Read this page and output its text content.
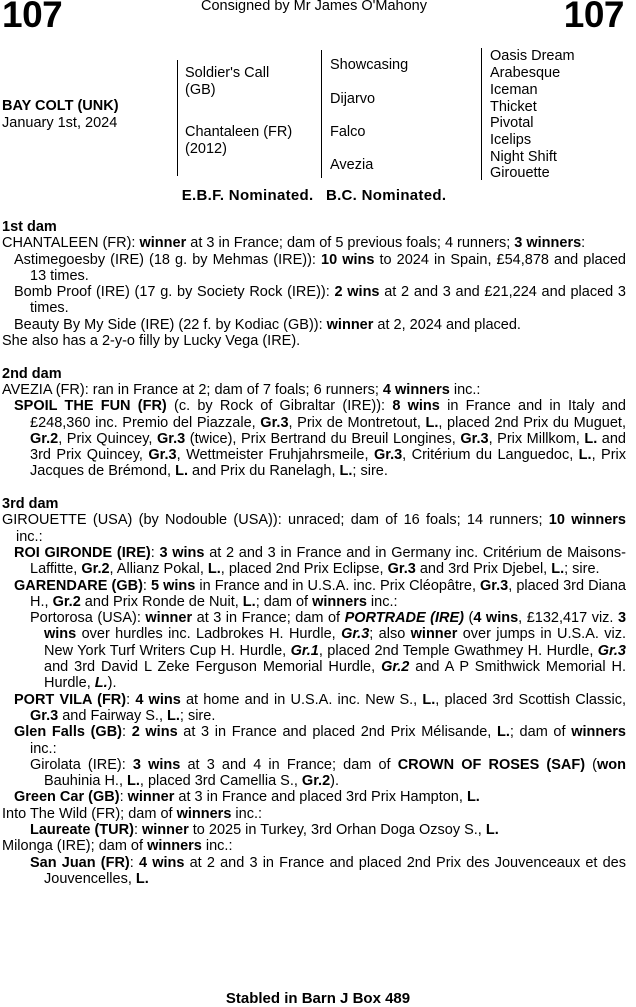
107	Consigned by Mr James O'Mahony	107
BAY COLT (UNK)
January 1st, 2024
Soldier's Call
(GB)
Chantaleen (FR)
(2012)
Showcasing
Dijarvo
Falco
Avezia
Oasis Dream
Arabesque
Iceman
Thicket
Pivotal
Icelips
Night Shift
Girouette
E.B.F. Nominated. B.C. Nominated.
1st dam
CHANTALEEN (FR): winner at 3 in France; dam of 5 previous foals; 4 runners; 3 winners:
Astimegoesby (IRE) (18 g. by Mehmas (IRE)): 10 wins to 2024 in Spain, £54,878 and placed 13 times.
Bomb Proof (IRE) (17 g. by Society Rock (IRE)): 2 wins at 2 and 3 and £21,224 and placed 3 times.
Beauty By My Side (IRE) (22 f. by Kodiac (GB)): winner at 2, 2024 and placed.
She also has a 2-y-o filly by Lucky Vega (IRE).
2nd dam
AVEZIA (FR): ran in France at 2; dam of 7 foals; 6 runners; 4 winners inc.:
SPOIL THE FUN (FR) (c. by Rock of Gibraltar (IRE)): 8 wins in France and in Italy and £248,360 inc. Premio del Piazzale, Gr.3, Prix de Montretout, L., placed 2nd Prix du Muguet, Gr.2, Prix Quincey, Gr.3 (twice), Prix Bertrand du Breuil Longines, Gr.3, Prix Millkom, L. and 3rd Prix Quincey, Gr.3, Wettmeister Fruhjahrsmeile, Gr.3, Critérium du Languedoc, L., Prix Jacques de Brémond, L. and Prix du Ranelagh, L.; sire.
3rd dam
GIROUETTE (USA) (by Nodouble (USA)): unraced; dam of 16 foals; 14 runners; 10 winners inc.:
ROI GIRONDE (IRE): 3 wins at 2 and 3 in France and in Germany inc. Critérium de Maisons-Laffitte, Gr.2, Allianz Pokal, L., placed 2nd Prix Eclipse, Gr.3 and 3rd Prix Djebel, L.; sire.
GARENDARE (GB): 5 wins in France and in U.S.A. inc. Prix Cléopâtre, Gr.3, placed 3rd Diana H., Gr.2 and Prix Ronde de Nuit, L.; dam of winners inc.:
Portorosa (USA): winner at 3 in France; dam of PORTRADE (IRE) (4 wins, £132,417 viz. 3 wins over hurdles inc. Ladbrokes H. Hurdle, Gr.3; also winner over jumps in U.S.A. viz. New York Turf Writers Cup H. Hurdle, Gr.1, placed 2nd Temple Gwathmey H. Hurdle, Gr.3 and 3rd David L Zeke Ferguson Memorial Hurdle, Gr.2 and A P Smithwick Memorial H. Hurdle, L.).
PORT VILA (FR): 4 wins at home and in U.S.A. inc. New S., L., placed 3rd Scottish Classic, Gr.3 and Fairway S., L.; sire.
Glen Falls (GB): 2 wins at 3 in France and placed 2nd Prix Mélisande, L.; dam of winners inc.:
Girolata (IRE): 3 wins at 3 and 4 in France; dam of CROWN OF ROSES (SAF) (won Bauhinia H., L., placed 3rd Camellia S., Gr.2).
Green Car (GB): winner at 3 in France and placed 3rd Prix Hampton, L.
Into The Wild (FR); dam of winners inc.:
Laureate (TUR): winner to 2025 in Turkey, 3rd Orhan Doga Ozsoy S., L.
Milonga (IRE); dam of winners inc.:
San Juan (FR): 4 wins at 2 and 3 in France and placed 2nd Prix des Jouvenceaux et des Jouvencelles, L.
Stabled in Barn J Box 489
